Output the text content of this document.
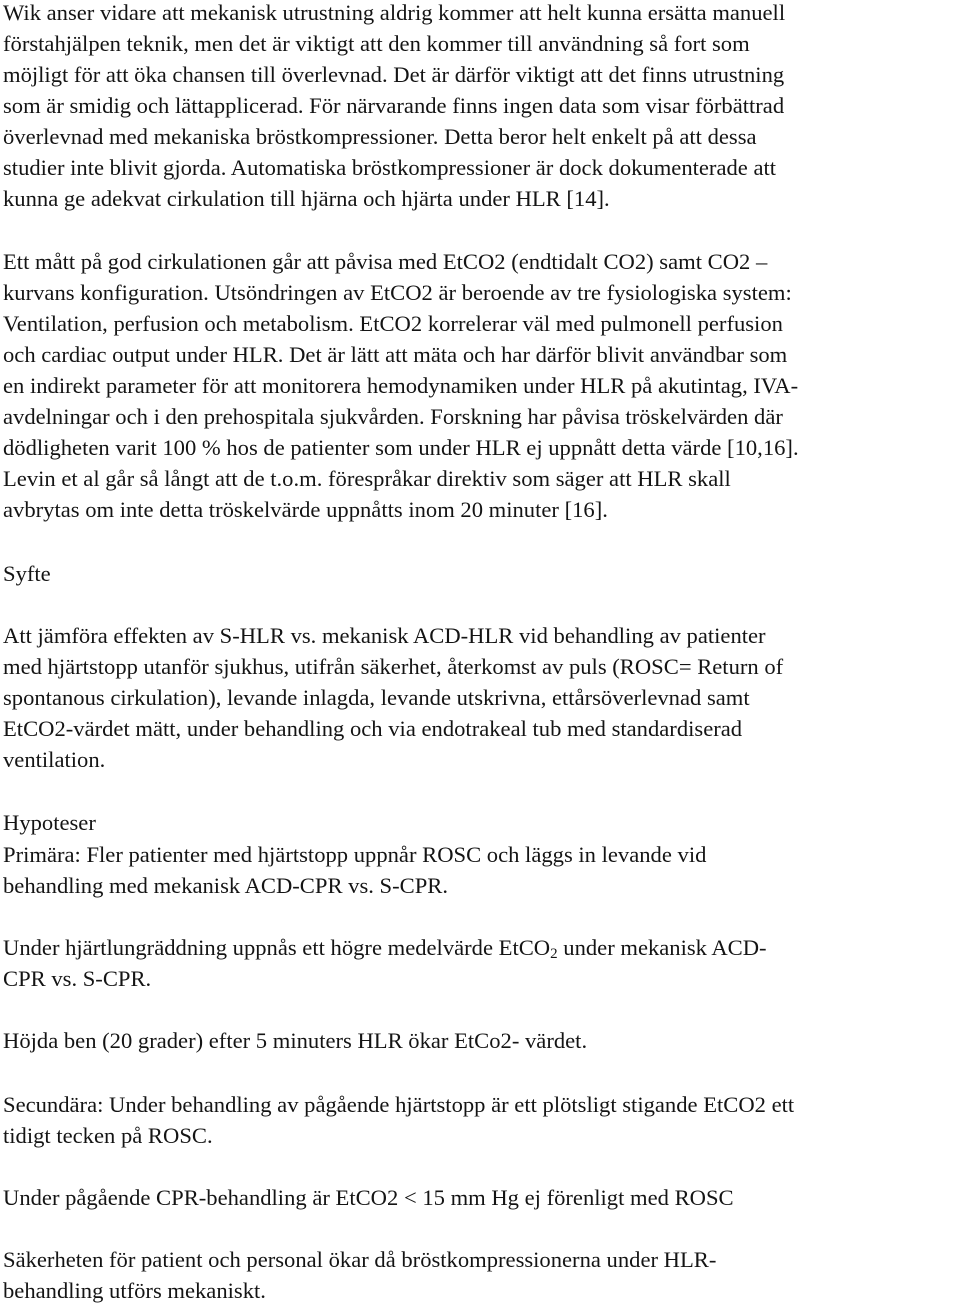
Wik anser vidare att mekanisk utrustning aldrig kommer att helt kunna ersätta manuell
förstahjälpen teknik, men det är viktigt att den kommer till användning så fort som
möjligt för att öka chansen till överlevnad. Det är därför viktigt att det finns utrustning
som är smidig och lättapplicerad. För närvarande finns ingen data som visar förbättrad
överlevnad med mekaniska bröstkompressioner. Detta beror helt enkelt på att dessa
studier inte blivit gjorda. Automatiska bröstkompressioner är dock dokumenterade att
kunna ge adekvat cirkulation till hjärna och hjärta under HLR [14].
Ett mått på god cirkulationen går att påvisa med EtCO2 (endtidalt CO2) samt CO2 –
kurvans konfiguration. Utsöndringen av EtCO2 är beroende av tre fysiologiska system:
Ventilation, perfusion och metabolism. EtCO2 korrelerar väl med pulmonell perfusion
och cardiac output under HLR. Det är lätt att mäta och har därför blivit användbar som
en indirekt parameter för att monitorera hemodynamiken under HLR på akutintag, IVA-
avdelningar och i den prehospitala sjukvården. Forskning har påvisa tröskelvärden där
dödligheten varit 100 % hos de patienter som under HLR ej uppnått detta värde [10,16].
Levin et al går så långt att de t.o.m. förespråkar direktiv som säger att HLR skall
avbrytas om inte detta tröskelvärde uppnåtts inom 20 minuter [16].
Syfte
Att jämföra effekten av S-HLR vs. mekanisk ACD-HLR vid behandling av patienter
med hjärtstopp utanför sjukhus, utifrån säkerhet, återkomst av puls (ROSC= Return of
spontanous cirkulation), levande inlagda, levande utskrivna, ettårsöverlevnad samt
EtCO2-värdet mätt, under behandling och via endotrakeal tub med standardiserad
ventilation.
Hypoteser
Primära: Fler patienter med hjärtstopp uppnår ROSC och läggs in levande vid
behandling med mekanisk ACD-CPR vs. S-CPR.
Under hjärtlungräddning uppnås ett högre medelvärde EtCO$_2$ under mekanisk ACD-
CPR vs. S-CPR.
Höjda ben (20 grader) efter 5 minuters HLR ökar EtCo2- värdet.
Secundära: Under behandling av pågående hjärtstopp är ett plötsligt stigande EtCO2 ett
tidigt tecken på ROSC.
Under pågående CPR-behandling är EtCO2 < 15 mm Hg ej förenligt med ROSC
Säkerheten för patient och personal ökar då bröstkompressionerna under HLR-
behandling utförs mekaniskt.
